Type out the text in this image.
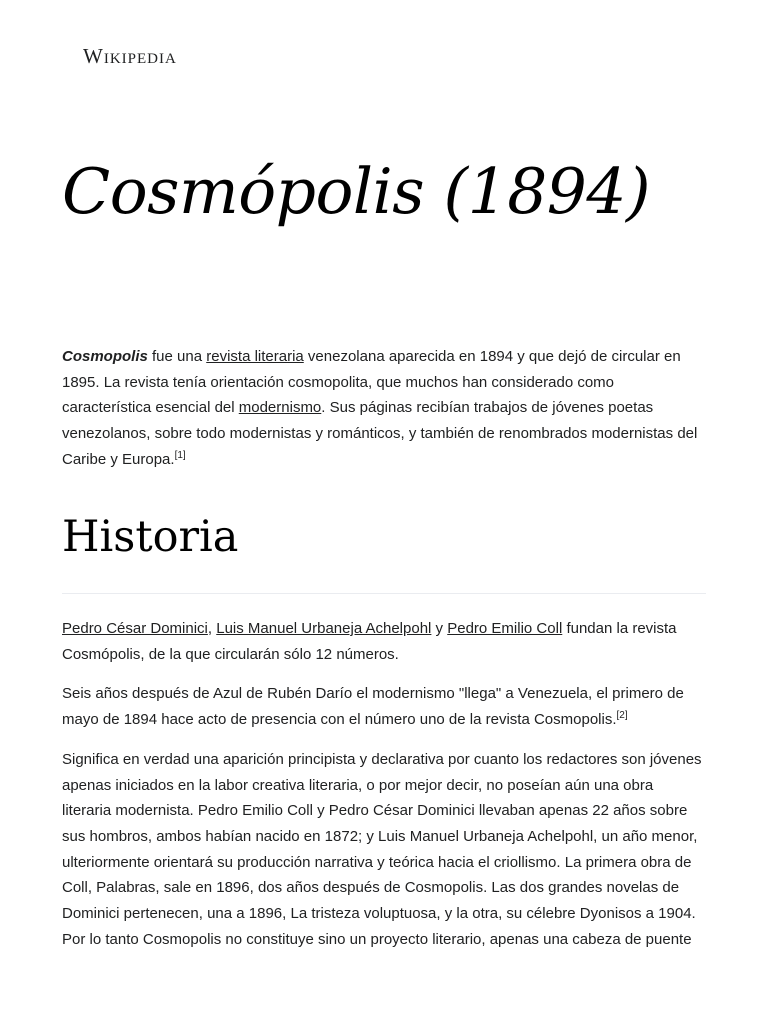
Wikipedia
Cosmópolis (1894)

Cosmopolis fue una revista literaria venezolana aparecida en 1894 y que dejó de circular en 1895. La revista tenía orientación cosmopolita, que muchos han considerado como característica esencial del modernismo. Sus páginas recibían trabajos de jóvenes poetas venezolanos, sobre todo modernistas y románticos, y también de renombrados modernistas del Caribe y Europa.[1]

Historia

Pedro César Dominici, Luis Manuel Urbaneja Achelpohl y Pedro Emilio Coll fundan la revista Cosmópolis, de la que circularán sólo 12 números.

Seis años después de Azul de Rubén Darío el modernismo "llega" a Venezuela, el primero de mayo de 1894 hace acto de presencia con el número uno de la revista Cosmopolis.[2]

Significa en verdad una aparición principista y declarativa por cuanto los redactores son jóvenes apenas iniciados en la labor creativa literaria, o por mejor decir, no poseían aún una obra literaria modernista. Pedro Emilio Coll y Pedro César Dominici llevaban apenas 22 años sobre sus hombros, ambos habían nacido en 1872; y Luis Manuel Urbaneja Achelpohl, un año menor, ulteriormente orientará su producción narrativa y teórica hacia el criollismo. La primera obra de Coll, Palabras, sale en 1896, dos años después de Cosmopolis. Las dos grandes novelas de Dominici pertenecen, una a 1896, La tristeza voluptuosa, y la otra, su célebre Dyonisos a 1904. Por lo tanto Cosmopolis no constituye sino un proyecto literario, apenas una cabeza de puente
